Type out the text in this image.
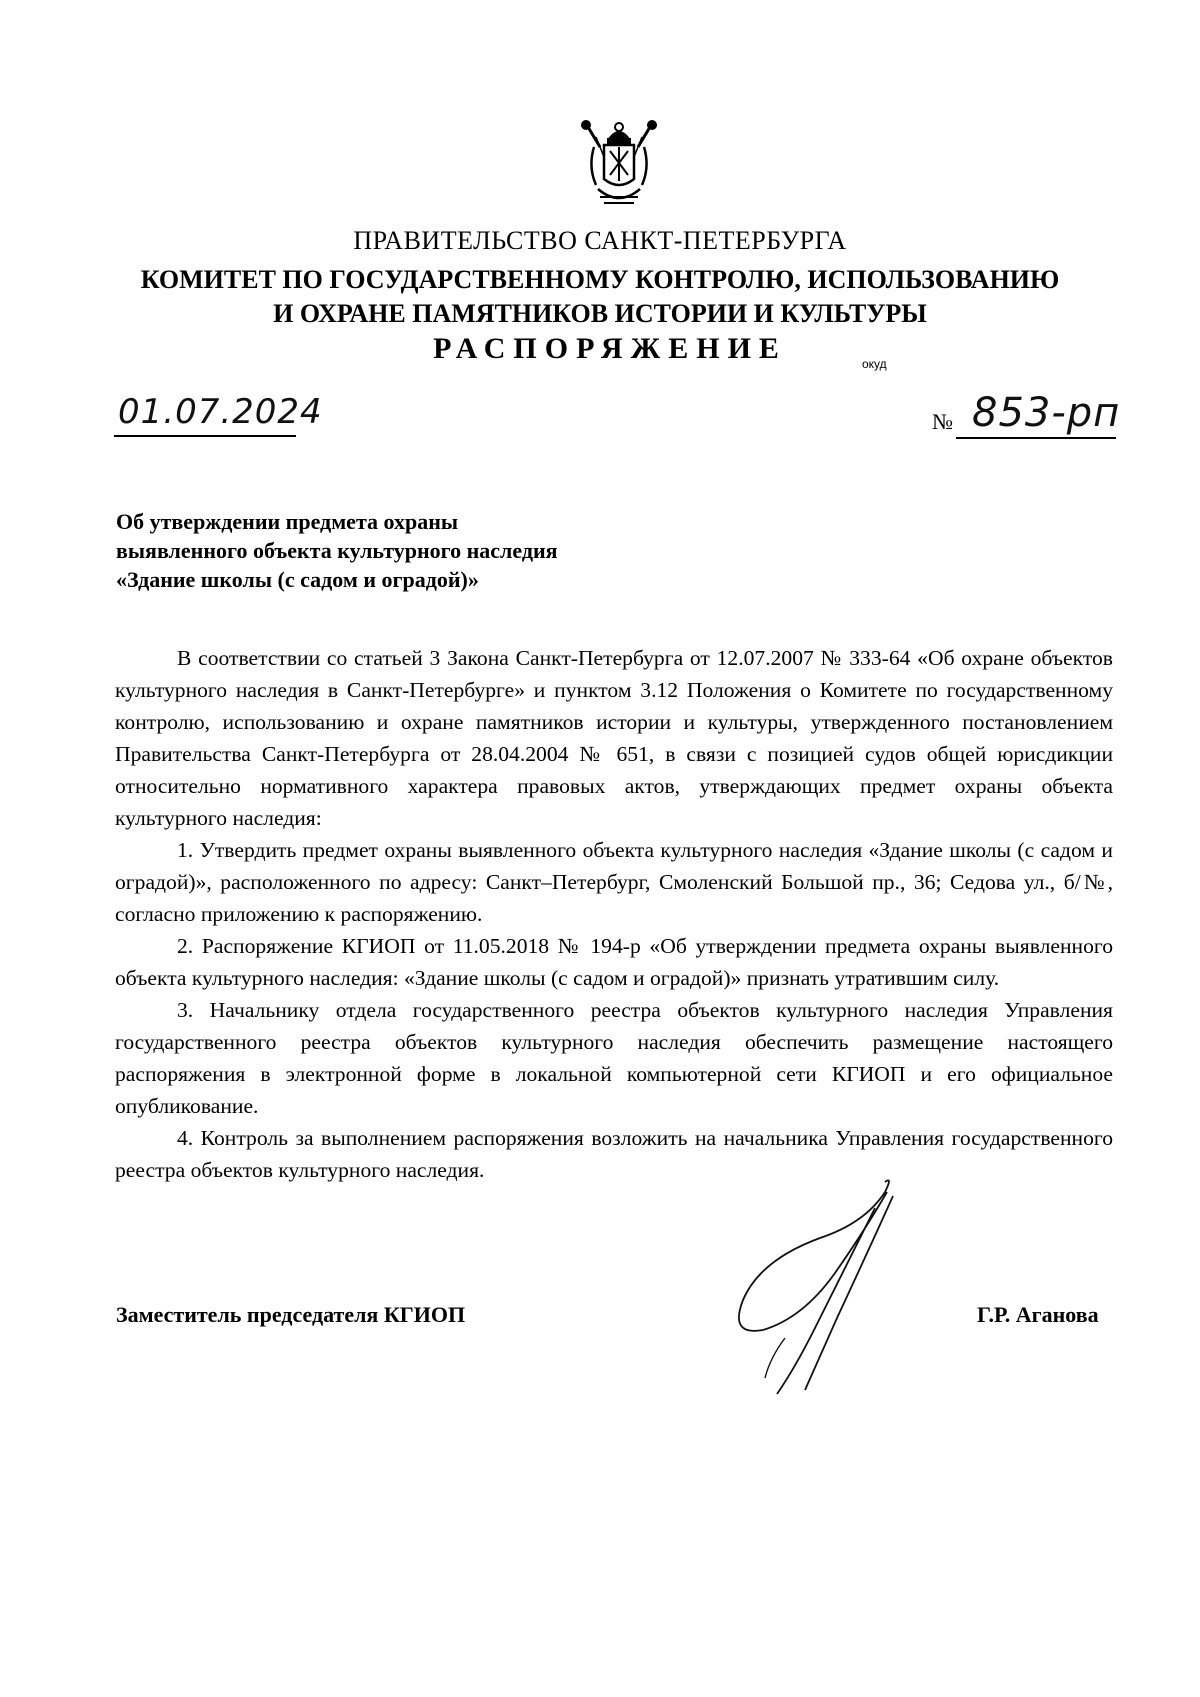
ПРАВИТЕЛЬСТВО САНКТ-ПЕТЕРБУРГА
КОМИТЕТ ПО ГОСУДАРСТВЕННОМУ КОНТРОЛЮ, ИСПОЛЬЗОВАНИЮ
И ОХРАНЕ ПАМЯТНИКОВ ИСТОРИИ И КУЛЬТУРЫ
РАСПОРЯЖЕНИЕ	окуд
01.07.2024	№ 853-рп
Об утверждении предмета охраны
выявленного объекта культурного наследия
«Здание школы (с садом и оградой)»

В соответствии со статьей 3 Закона Санкт-Петербурга от 12.07.2007 № 333-64 «Об охране объектов культурного наследия в Санкт-Петербурге» и пунктом 3.12 Положения о Комитете по государственному контролю, использованию и охране памятников истории и культуры, утвержденного постановлением Правительства Санкт-Петербурга от 28.04.2004 № 651, в связи с позицией судов общей юрисдикции относительно нормативного характера правовых актов, утверждающих предмет охраны объекта культурного наследия:

1. Утвердить предмет охраны выявленного объекта культурного наследия «Здание школы (с садом и оградой)», расположенного по адресу: Санкт–Петербург, Смоленский Большой пр., 36; Седова ул., б/№, согласно приложению к распоряжению.

2. Распоряжение КГИОП от 11.05.2018 № 194-р «Об утверждении предмета охраны выявленного объекта культурного наследия: «Здание школы (с садом и оградой)» признать утратившим силу.

3. Начальнику отдела государственного реестра объектов культурного наследия Управления государственного реестра объектов культурного наследия обеспечить размещение настоящего распоряжения в электронной форме в локальной компьютерной сети КГИОП и его официальное опубликование.

4. Контроль за выполнением распоряжения возложить на начальника Управления государственного реестра объектов культурного наследия.

Заместитель председателя КГИОП	Г.Р. Аганова
